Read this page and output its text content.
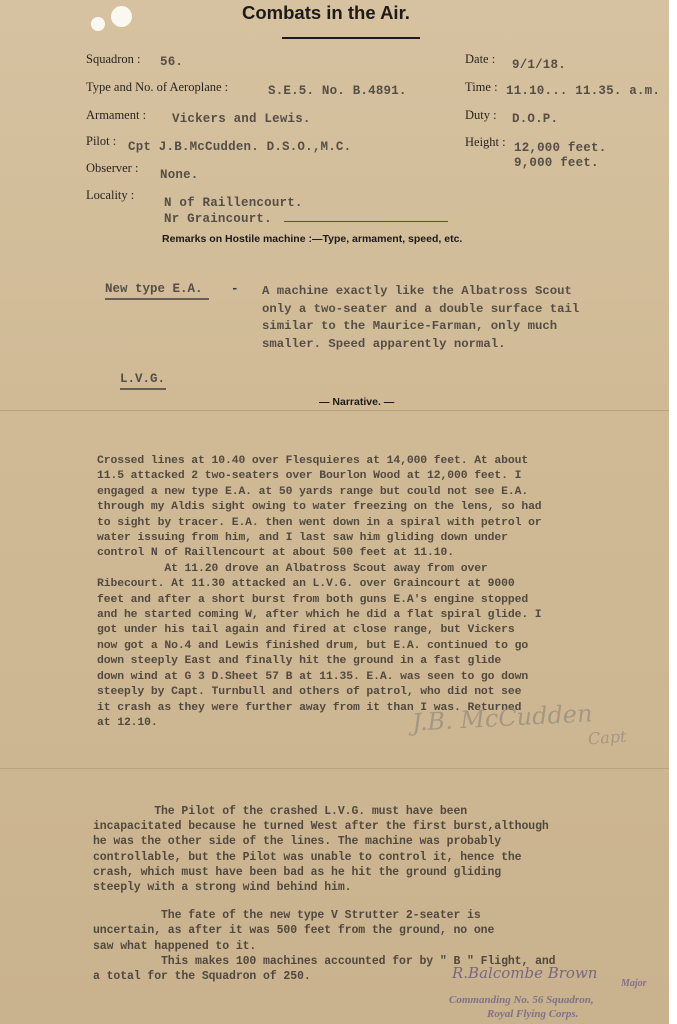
Combats in the Air.
Squadron : 56.
Type and No. of Aeroplane :	S.E.5. No. B.4891.
Armament : Vickers and Lewis.
Pilot : Cpt J.B.McCudden. D.S.O.,M.C.
Observer : None.
Locality :
N of Raillencourt.
Nr Graincourt.
Date : 9/1/18.
Time : 11.10... 11.35. a.m.
Duty : D.O.P.
Height : 12,000 feet.
9,000 feet.
Remarks on Hostile machine :—Type, armament, speed, etc.
New type E.A. - A machine exactly like the Albatross Scout
only a two-seater and a double surface tail
similar to the Maurice-Farman, only much
smaller. Speed apparently normal.
L.V.G.
— Narrative. —
Crossed lines at 10.40 over Flesquieres at 14,000 feet. At about
11.5 attacked 2 two-seaters over Bourlon Wood at 12,000 feet. I
engaged a new type E.A. at 50 yards range but could not see E.A.
through my Aldis sight owing to water freezing on the lens, so had
to sight by tracer. E.A. then went down in a spiral with petrol or
water issuing from him, and I last saw him gliding down under
control N of Raillencourt at about 500 feet at 11.10.
At 11.20 drove an Albatross Scout away from over
Ribecourt. At 11.30 attacked an L.V.G. over Graincourt at 9000
feet and after a short burst from both guns E.A's engine stopped
and he started coming W, after which he did a flat spiral glide. I
got under his tail again and fired at close range, but Vickers
now got a No.4 and Lewis finished drum, but E.A. continued to go
down steeply East and finally hit the ground in a fast glide
down wind at G 3 D.Sheet 57 B at 11.35. E.A. was seen to go down
steeply by Capt. Turnbull and others of patrol, who did not see
it crash as they were further away from it than I was. Returned
at 12.10.	J.B. McCudden
Capt
The Pilot of the crashed L.V.G. must have been
incapacitated because he turned West after the first burst,although
he was the other side of the lines. The machine was probably
controllable, but the Pilot was unable to control it, hence the
crash, which must have been bad as he hit the ground gliding
steeply with a strong wind behind him.
The fate of the new type V Strutter 2-seater is
uncertain, as after it was 500 feet from the ground, no one
saw what happened to it.
This makes 100 machines accounted for by " B " Flight, and
a total for the Squadron of 250.	R.Balcombe Brown
Major
Commanding No. 56 Squadron,
Royal Flying Corps.
